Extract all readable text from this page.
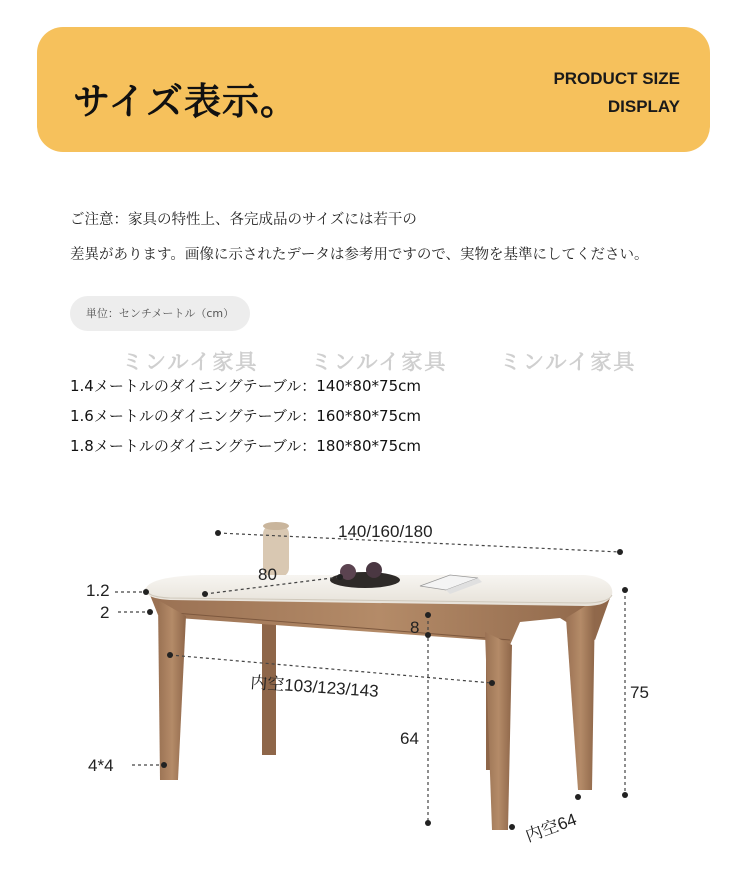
サイズ表示。
PRODUCT SIZE
DISPLAY
ご注意：家具の特性上、各完成品のサイズには若干の
差異があります。画像に示されたデータは参考用ですので、実物を基準にしてください。
単位：センチメートル（cm）
ミンルイ家具	ミンルイ家具	ミンルイ家具
1.4メートルのダイニングテーブル：140*80*75cm
1.6メートルのダイニングテーブル：160*80*75cm
1.8メートルのダイニングテーブル：180*80*75cm
140/160/180
80
1.2
2
8
内空103/123/143
64
75
4*4
内空64
